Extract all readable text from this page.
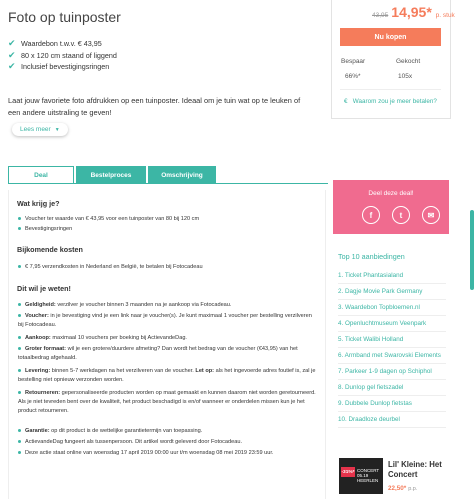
Foto op tuinposter
✔ Waardebon t.w.v. € 43,95
✔ 80 x 120 cm staand of liggend
✔ Inclusief bevestigingsringen
Laat jouw favoriete foto afdrukken op een tuinposter. Ideaal om je tuin wat op te leuken of een andere uitstraling te geven!
Lees meer ▼
43,95 14,95* p. stuk
Nu kopen
Bespaar	Gekocht
66%*	105x
€ Waarom zou je meer betalen?
Deal	Bestelproces	Omschrijving
Wat krijg je?
Voucher ter waarde van € 43,95 voor een tuinposter van 80 bij 120 cm
Bevestigingsringen
Bijkomende kosten
€ 7,95 verzendkosten in Nederland en België, te betalen bij Fotocadeau
Dit wil je weten!
Geldigheid: verzilver je voucher binnen 3 maanden na je aankoop via Fotocadeau.
Voucher: in je bevestiging vind je een link naar je voucher(s). Je kunt maximaal 1 voucher per bestelling verzilveren bij Fotocadeau.
Aankoop: maximaal 10 vouchers per boeking bij ActievandeDag.
Groter formaat: wil je een grotere/duurdere afmeting? Dan wordt het bedrag van de voucher (€43,95) van het totaalbedrag afgehaald.
Levering: binnen 5-7 werkdagen na het verzilveren van de voucher. Let op: als het ingevoerde adres foutief is, zal je bestelling niet opnieuw verzonden worden.
Retourneren: gepersonaliseerde producten worden op maat gemaakt en kunnen daarom niet worden geretourneerd. Als je niet tevreden bent over de kwaliteit, het product beschadigd is en/of wanneer er onderdelen missen kun je het product retourneren.
Garantie: op dit product is de wettelijke garantietermijn van toepassing.
ActievandeDag fungeert als tussenpersoon. Dit artikel wordt geleverd door Fotocadeau.
Deze actie staat online van woensdag 17 april 2019 00:00 uur t/m woensdag 08 mei 2019 23:59 uur.
Deel deze deal!
f	t	✉
Top 10 aanbiedingen
1. Ticket Phantasialand
2. Dagje Movie Park Germany
3. Waardebon Topbloemen.nl
4. Openluchtmuseum Veenpark
5. Ticket Walibi Holland
6. Armband met Swarovski Elements
7. Parkeer 1-9 dagen op Schiphol
8. Dunlop gel fietszadel
9. Dubbele Dunlop fietstas
10. Draadloze deurbel
-31%* CONCERT 05.19 HEERLEN
Lil' Kleine: Het Concert
22,50* p.p.
